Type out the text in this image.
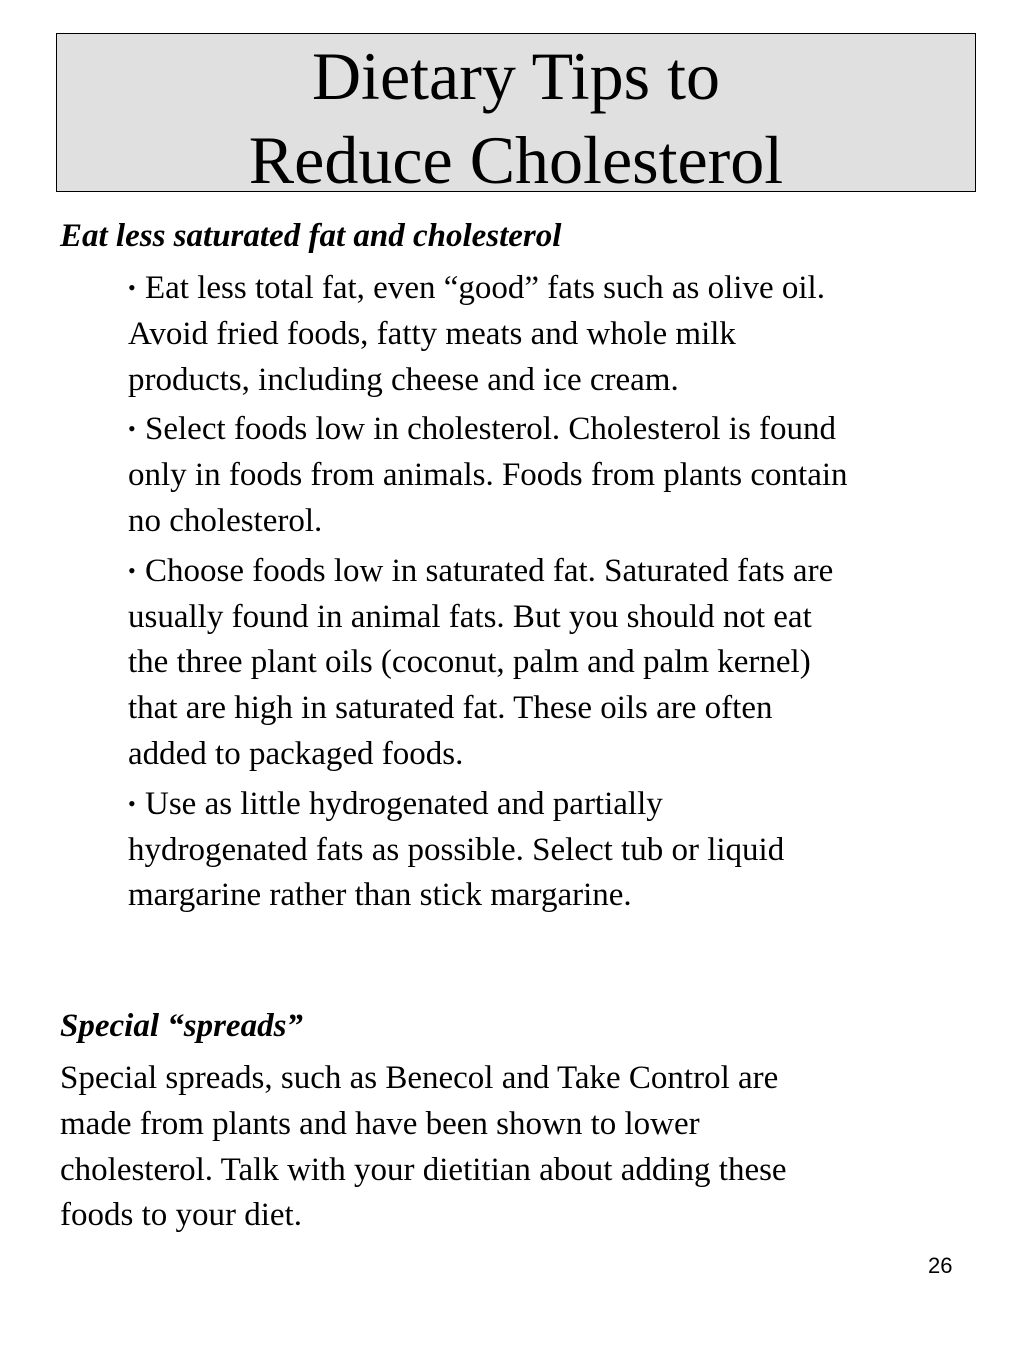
Dietary Tips to
Reduce Cholesterol
Eat less saturated fat and cholesterol
• Eat less total fat, even “good” fats such as olive oil.
Avoid fried foods, fatty meats and whole milk
products, including cheese and ice cream.
• Select foods low in cholesterol. Cholesterol is found
only in foods from animals. Foods from plants contain
no cholesterol.
• Choose foods low in saturated fat. Saturated fats are
usually found in animal fats. But you should not eat
the three plant oils (coconut, palm and palm kernel)
that are high in saturated fat. These oils are often
added to packaged foods.
• Use as little hydrogenated and partially
hydrogenated fats as possible. Select tub or liquid
margarine rather than stick margarine.
Special “spreads”
Special spreads, such as Benecol and Take Control are
made from plants and have been shown to lower
cholesterol. Talk with your dietitian about adding these
foods to your diet.
26
